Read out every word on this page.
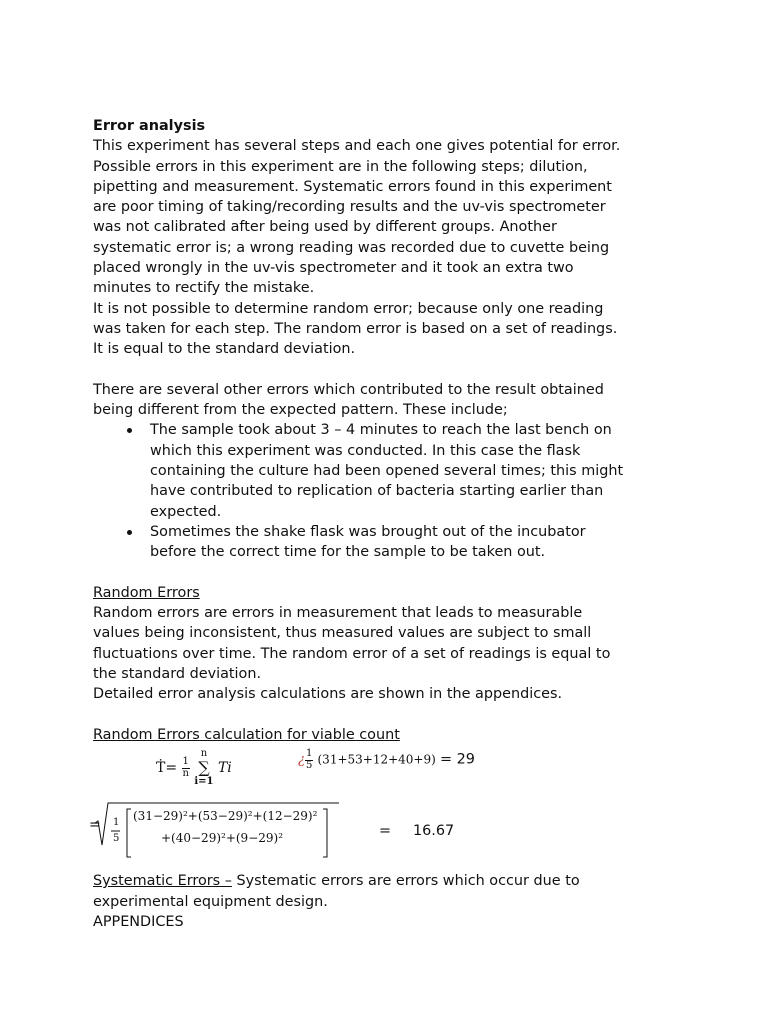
Error analysis

This experiment has several steps and each one gives potential for error.

Possible errors in this experiment are in the following steps; dilution,

pipetting and measurement. Systematic errors found in this experiment

are poor timing of taking/recording results and the uv-vis spectrometer

was not calibrated after being used by different groups. Another

systematic error is; a wrong reading was recorded due to cuvette being

placed wrongly in the uv-vis spectrometer and it took an extra two

minutes to rectify the mistake.

It is not possible to determine random error; because only one reading

was taken for each step. The random error is based on a set of readings.

It is equal to the standard deviation.

There are several other errors which contributed to the result obtained

being different from the expected pattern. These include;

The sample took about 3 – 4 minutes to reach the last bench on

which this experiment was conducted. In this case the flask

containing the culture had been opened several times; this might

have contributed to replication of bacteria starting earlier than

expected.

Sometimes the shake flask was brought out of the incubator

before the correct time for the sample to be taken out.

Random Errors

Random errors are errors in measurement that leads to measurable

values being inconsistent, thus measured values are subject to small

fluctuations over time. The random error of a set of readings is equal to

the standard deviation.

Detailed error analysis calculations are shown in the appendices.

Random Errors calculation for viable count

Ṫ= $\frac{1}{n}$

n
∑
i=1
Ti	¿ $\frac{1}{5} (31+53+12+40+9) = 29$
= 1
5
(31−29)²+(53−29)²+(12−29)²
+(40−29)²+(9−29)²	= 16.67

Systematic Errors – Systematic errors are errors which occur due to

experimental equipment design.

APPENDICES
